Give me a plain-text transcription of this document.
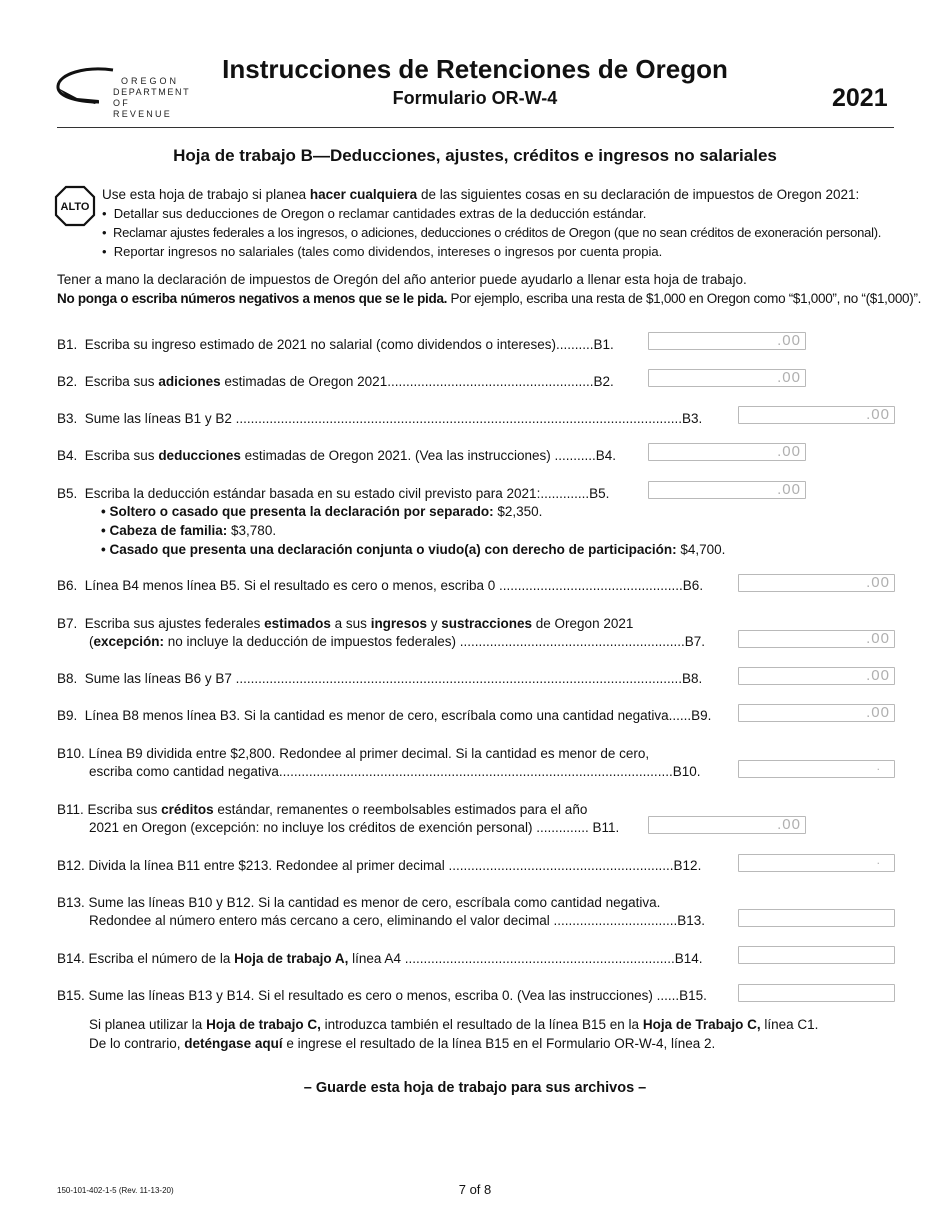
OREGON
DEPARTMENT
OF REVENUE
Instrucciones de Retenciones de Oregon
Formulario OR-W-4	2021
Hoja de trabajo B—Deducciones, ajustes, créditos e ingresos no salariales
ALTO
Use esta hoja de trabajo si planea hacer cualquiera de las siguientes cosas en su declaración de impuestos de Oregon 2021:
•  Detallar sus deducciones de Oregon o reclamar cantidades extras de la deducción estándar.
•  Reclamar ajustes federales a los ingresos, o adiciones, deducciones o créditos de Oregon (que no sean créditos de exoneración personal).
•  Reportar ingresos no salariales (tales como dividendos, intereses o ingresos por cuenta propia.
Tener a mano la declaración de impuestos de Oregón del año anterior puede ayudarlo a llenar esta hoja de trabajo.
No ponga o escriba números negativos a menos que se le pida. Por ejemplo, escriba una resta de $1,000 en Oregon como “$1,000”, no “($1,000)”.
B1. Escriba su ingreso estimado de 2021 no salarial (como dividendos o intereses)..........B1.	.00
B2. Escriba sus adiciones estimadas de Oregon 2021.......................................................B2.	.00
B3. Sume las líneas B1 y B2 .......................................................................................................................B3.	.00
B4. Escriba sus deducciones estimadas de Oregon 2021. (Vea las instrucciones) ...........B4.	.00
B5. Escriba la deducción estándar basada en su estado civil previsto para 2021:.............B5.	.00
• Soltero o casado que presenta la declaración por separado: $2,350.
• Cabeza de familia: $3,780.
• Casado que presenta una declaración conjunta o viudo(a) con derecho de participación: $4,700.
B6. Línea B4 menos línea B5. Si el resultado es cero o menos, escriba 0 .................................................B6.	.00
B7. Escriba sus ajustes federales estimados a sus ingresos y sustracciones de Oregon 2021
(excepción: no incluye la deducción de impuestos federales) ............................................................B7.	.00
B8. Sume las líneas B6 y B7 .......................................................................................................................B8.	.00
B9. Línea B8 menos línea B3. Si la cantidad es menor de cero, escríbala como una cantidad negativa......B9.	.00
B10. Línea B9 dividida entre $2,800. Redondee al primer decimal. Si la cantidad es menor de cero,
escriba como cantidad negativa.........................................................................................................B10.	.
B11. Escriba sus créditos estándar, remanentes o reembolsables estimados para el año
2021 en Oregon (excepción: no incluye los créditos de exención personal) .............. B11.	.00
B12. Divida la línea B11 entre $213. Redondee al primer decimal ............................................................B12.	.
B13. Sume las líneas B10 y B12. Si la cantidad es menor de cero, escríbala como cantidad negativa.
Redondee al número entero más cercano a cero, eliminando el valor decimal .................................B13.
B14. Escriba el número de la Hoja de trabajo A, línea A4 ........................................................................B14.
B15. Sume las líneas B13 y B14. Si el resultado es cero o menos, escriba 0. (Vea las instrucciones) ......B15.
Si planea utilizar la Hoja de trabajo C, introduzca también el resultado de la línea B15 en la Hoja de Trabajo C, línea C1.
De lo contrario, deténgase aquí e ingrese el resultado de la línea B15 en el Formulario OR-W-4, línea 2.
– Guarde esta hoja de trabajo para sus archivos –
150-101-402-1-5 (Rev. 11-13-20)	7 of 8
